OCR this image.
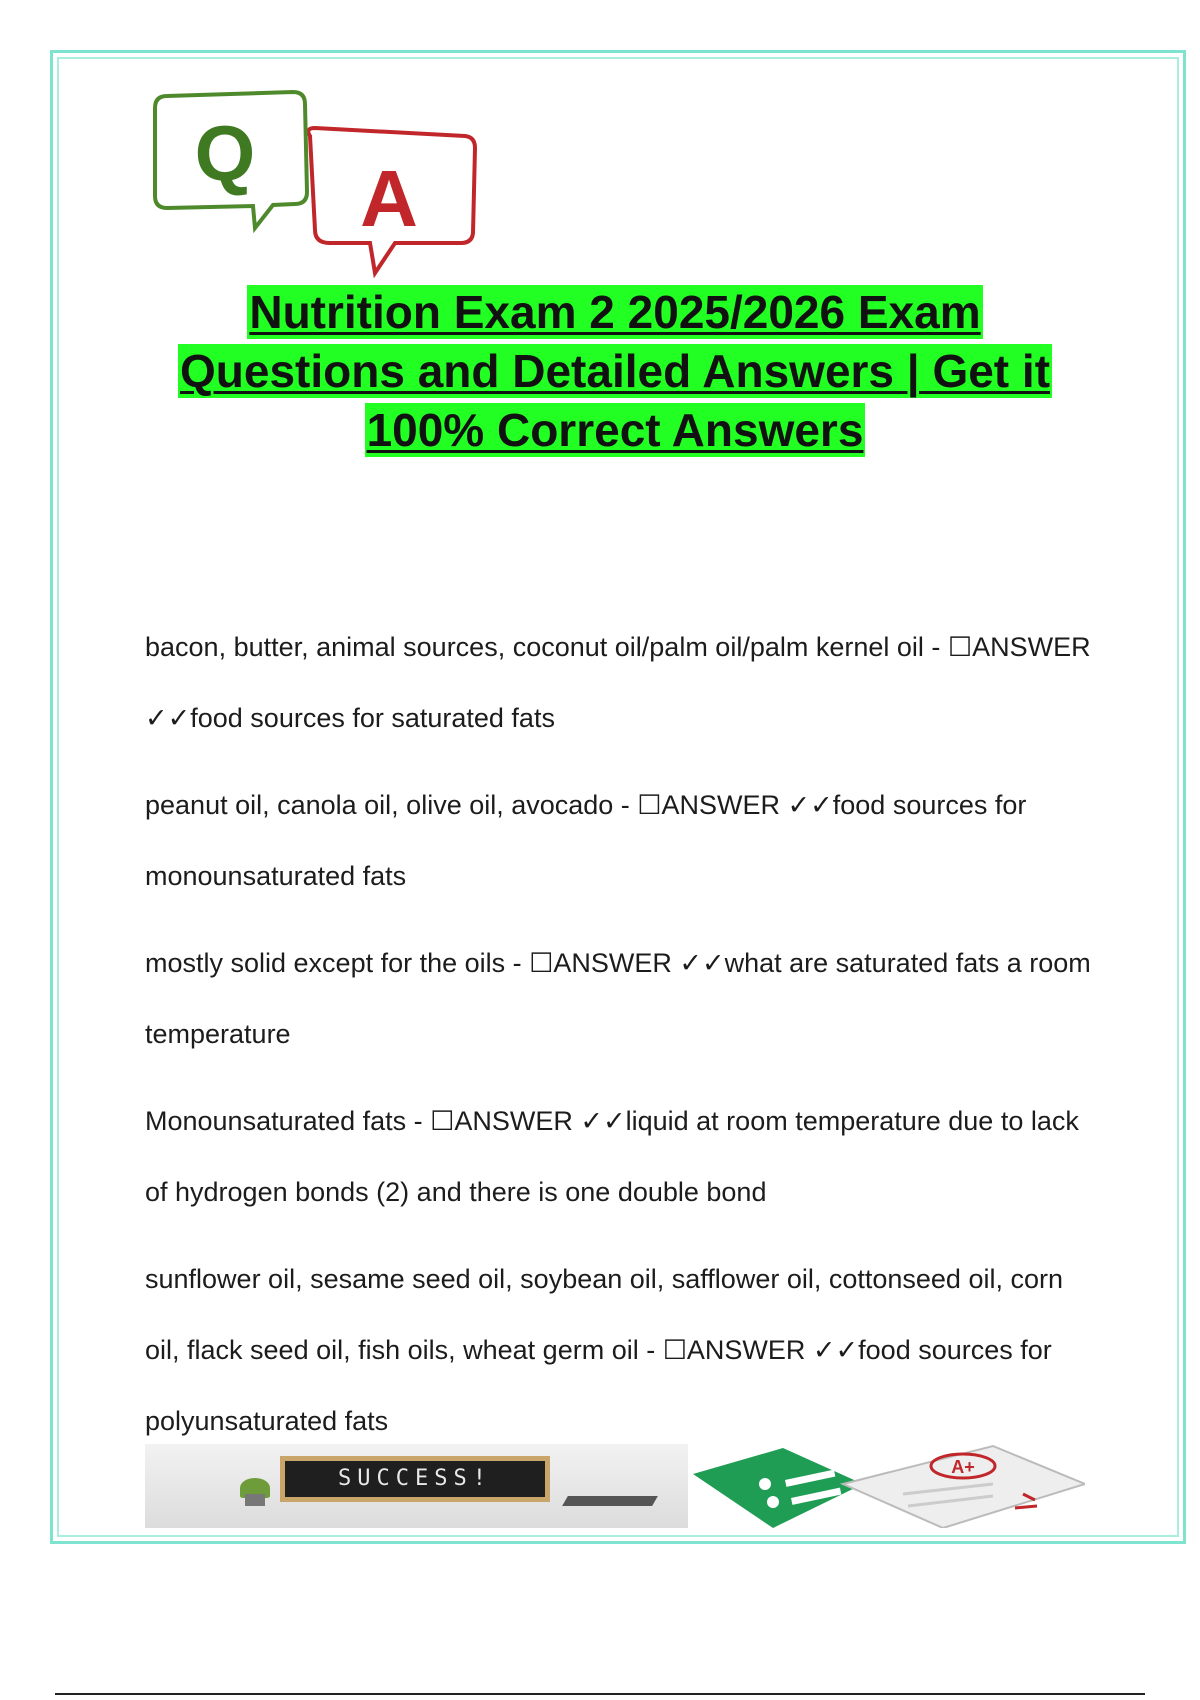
A
Q
Nutrition Exam 2 2025/2026 Exam
Questions and Detailed Answers | Get it
100% Correct Answers
bacon, butter, animal sources, coconut oil/palm oil/palm kernel oil - ☐ANSWER ✓✓food sources for saturated fats
peanut oil, canola oil, olive oil, avocado - ☐ANSWER ✓✓food sources for monounsaturated fats
mostly solid except for the oils - ☐ANSWER ✓✓what are saturated fats a room temperature
Monounsaturated fats - ☐ANSWER ✓✓liquid at room temperature due to lack of hydrogen bonds (2) and there is one double bond
sunflower oil, sesame seed oil, soybean oil, safflower oil, cottonseed oil, corn oil, flack seed oil, fish oils, wheat germ oil - ☐ANSWER ✓✓food sources for polyunsaturated fats
SUCCESS!	A+
